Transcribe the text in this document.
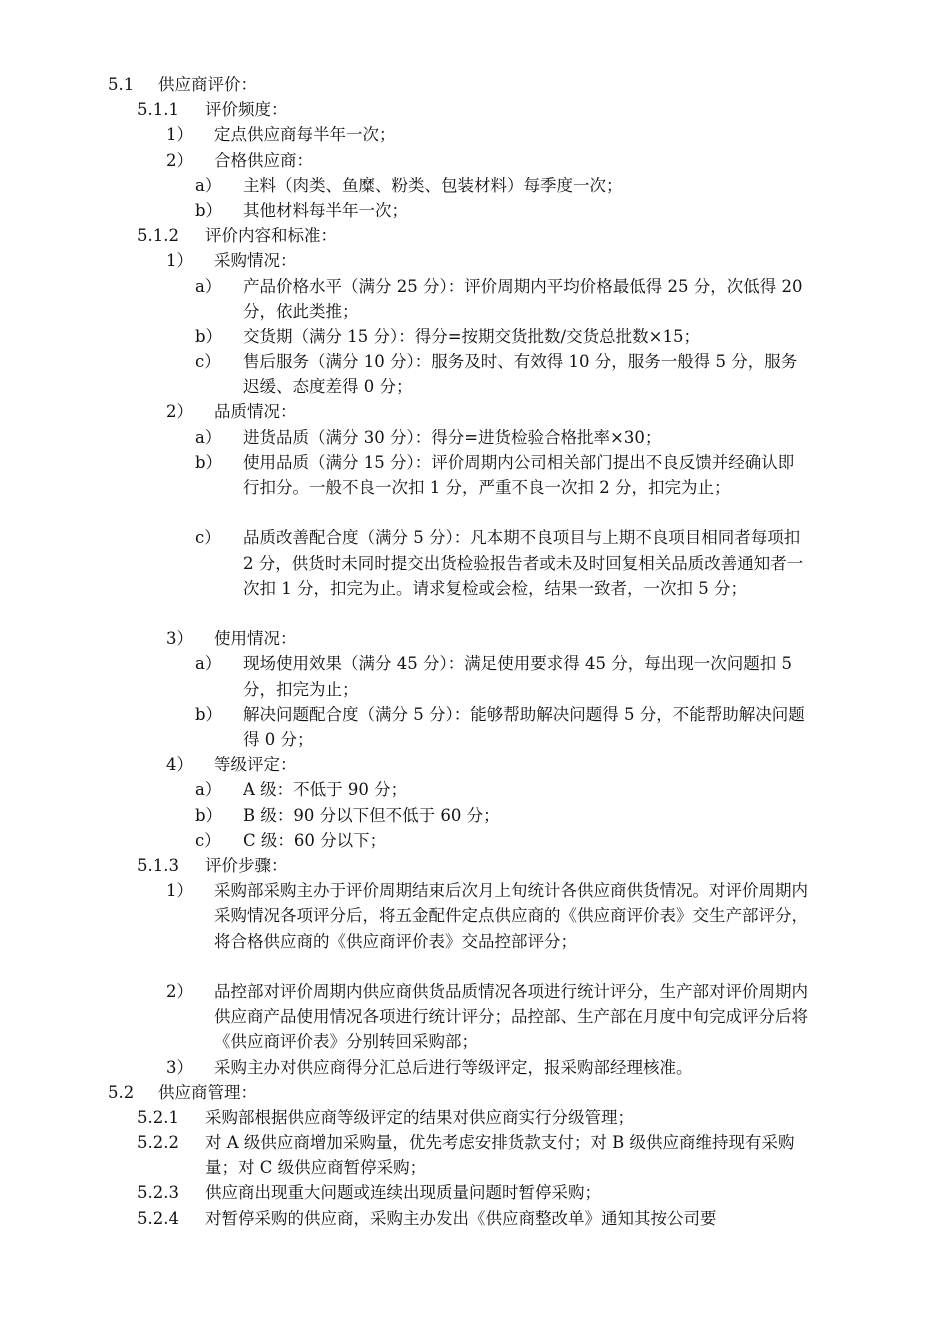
5.1 供应商评价：
5.1.1 评价频度：
1） 定点供应商每半年一次；
2） 合格供应商：
a） 主料（肉类、鱼糜、粉类、包装材料）每季度一次；
b） 其他材料每半年一次；
5.1.2 评价内容和标准：
1） 采购情况：
a） 产品价格水平（满分 25 分）：评价周期内平均价格最低得 25 分，次低得 20 分，依此类推；
b） 交货期（满分 15 分）：得分=按期交货批数/交货总批数×15；
c） 售后服务（满分 10 分）：服务及时、有效得 10 分，服务一般得 5 分，服务迟缓、态度差得 0 分；
2） 品质情况：
a） 进货品质（满分 30 分）：得分=进货检验合格批率×30；
b） 使用品质（满分 15 分）：评价周期内公司相关部门提出不良反馈并经确认即行扣分。一般不良一次扣 1 分，严重不良一次扣 2 分，扣完为止；
c） 品质改善配合度（满分 5 分）：凡本期不良项目与上期不良项目相同者每项扣 2 分，供货时未同时提交出货检验报告者或未及时回复相关品质改善通知者一次扣 1 分，扣完为止。请求复检或会检，结果一致者，一次扣 5 分；
3） 使用情况：
a） 现场使用效果（满分 45 分）：满足使用要求得 45 分，每出现一次问题扣 5 分，扣完为止；
b） 解决问题配合度（满分 5 分）：能够帮助解决问题得 5 分，不能帮助解决问题得 0 分；
4） 等级评定：
a） A 级：不低于 90 分；
b） B 级：90 分以下但不低于 60 分；
c） C 级：60 分以下；
5.1.3 评价步骤：
1） 采购部采购主办于评价周期结束后次月上旬统计各供应商供货情况。对评价周期内采购情况各项评分后，将五金配件定点供应商的《供应商评价表》交生产部评分，将合格供应商的《供应商评价表》交品控部评分；
2） 品控部对评价周期内供应商供货品质情况各项进行统计评分，生产部对评价周期内供应商产品使用情况各项进行统计评分；品控部、生产部在月度中旬完成评分后将《供应商评价表》分别转回采购部；
3） 采购主办对供应商得分汇总后进行等级评定，报采购部经理核准。
5.2 供应商管理：
5.2.1 采购部根据供应商等级评定的结果对供应商实行分级管理；
5.2.2 对 A 级供应商增加采购量，优先考虑安排货款支付；对 B 级供应商维持现有采购量；对 C 级供应商暂停采购；
5.2.3 供应商出现重大问题或连续出现质量问题时暂停采购；
5.2.4 对暂停采购的供应商，采购主办发出《供应商整改单》通知其按公司要
